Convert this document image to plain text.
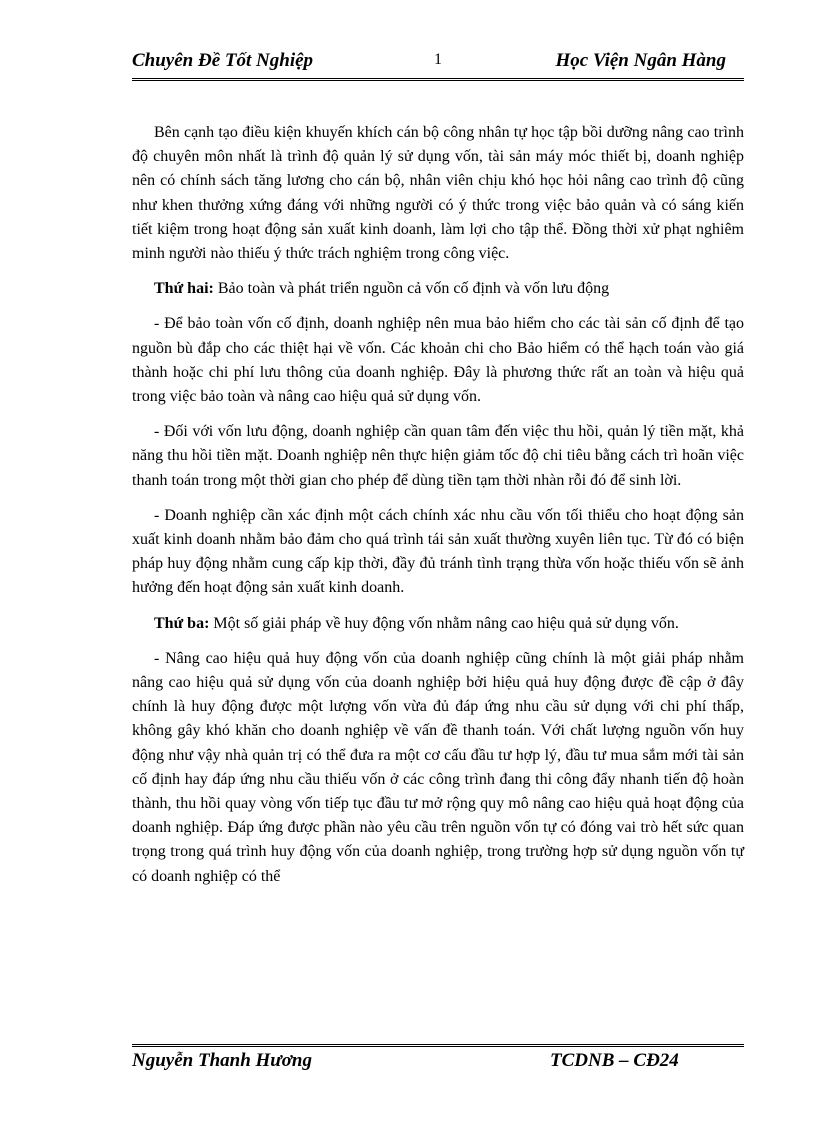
Chuyên Đề Tốt Nghiệp	1	Học Viện Ngân Hàng

Bên cạnh tạo điều kiện khuyến khích cán bộ công nhân tự học tập bồi dưỡng nâng cao trình độ chuyên môn nhất là trình độ quản lý sử dụng vốn, tài sản máy móc thiết bị, doanh nghiệp nên có chính sách tăng lương cho cán bộ, nhân viên chịu khó học hỏi nâng cao trình độ cũng như khen thưởng xứng đáng với những người có ý thức trong việc bảo quản và có sáng kiến tiết kiệm trong hoạt động sản xuất kinh doanh, làm lợi cho tập thể. Đồng thời xử phạt nghiêm minh người nào thiếu ý thức trách nghiệm trong công việc.

Thứ hai: Bảo toàn và phát triển nguồn cả vốn cố định và vốn lưu động

- Để bảo toàn vốn cố định, doanh nghiệp nên mua bảo hiểm cho các tài sản cố định để tạo nguồn bù đắp cho các thiệt hại về vốn. Các khoản chi cho Bảo hiểm có thể hạch toán vào giá thành hoặc chi phí lưu thông của doanh nghiệp. Đây là phương thức rất an toàn và hiệu quả trong việc bảo toàn và nâng cao hiệu quả sử dụng vốn.

- Đối với vốn lưu động, doanh nghiệp cần quan tâm đến việc thu hồi, quản lý tiền mặt, khả năng thu hồi tiền mặt. Doanh nghiệp nên thực hiện giảm tốc độ chi tiêu bằng cách trì hoãn việc thanh toán trong một thời gian cho phép để dùng tiền tạm thời nhàn rỗi đó để sinh lời.

- Doanh nghiệp cần xác định một cách chính xác nhu cầu vốn tối thiểu cho hoạt động sản xuất kinh doanh nhằm bảo đảm cho quá trình tái sản xuất thường xuyên liên tục. Từ đó có biện pháp huy động nhằm cung cấp kịp thời, đầy đủ tránh tình trạng thừa vốn hoặc thiếu vốn sẽ ảnh hưởng đến hoạt động sản xuất kinh doanh.

Thứ ba: Một số giải pháp về huy động vốn nhằm nâng cao hiệu quả sử dụng vốn.

- Nâng cao hiệu quả huy động vốn của doanh nghiệp cũng chính là một giải pháp nhằm nâng cao hiệu quả sử dụng vốn của doanh nghiệp bởi hiệu quả huy động được đề cập ở đây chính là huy động được một lượng vốn vừa đủ đáp ứng nhu cầu sử dụng với chi phí thấp, không gây khó khăn cho doanh nghiệp về vấn đề thanh toán. Với chất lượng nguồn vốn huy động như vậy nhà quản trị có thể đưa ra một cơ cấu đầu tư hợp lý, đầu tư mua sắm mới tài sản cố định hay đáp ứng nhu cầu thiếu vốn ở các công trình đang thi công đẩy nhanh tiến độ hoàn thành, thu hồi quay vòng vốn tiếp tục đầu tư mở rộng quy mô nâng cao hiệu quả hoạt động của doanh nghiệp. Đáp ứng được phần nào yêu cầu trên nguồn vốn tự có đóng vai trò hết sức quan trọng trong quá trình huy động vốn của doanh nghiệp, trong trường hợp sử dụng nguồn vốn tự có doanh nghiệp có thể

Nguyễn Thanh Hương	TCDNB – CĐ24
